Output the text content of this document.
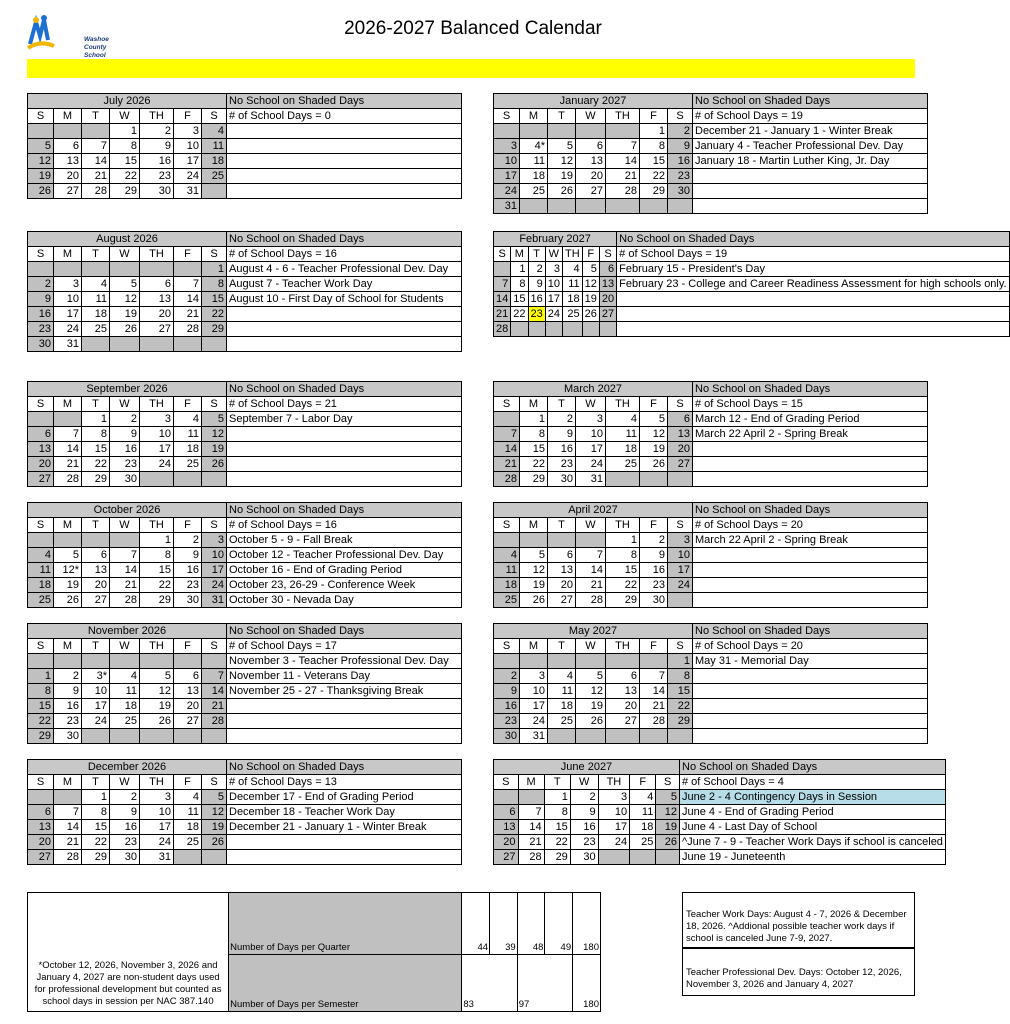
Washoe County
School
2026-2027 Balanced Calendar
July 2026							No School on Shaded Days
S	M	T	W	TH	F	S	# of School Days = 0
			1	2	3	4	
5	6	7	8	9	10	11	
12	13	14	15	16	17	18	
19	20	21	22	23	24	25	
26	27	28	29	30	31		
August 2026							No School on Shaded Days
S	M	T	W	TH	F	S	# of School Days = 16
						1	August 4 - 6 - Teacher Professional Dev. Day
2	3	4	5	6	7	8	August 7 - Teacher Work Day
9	10	11	12	13	14	15	August 10 - First Day of School for Students
16	17	18	19	20	21	22	
23	24	25	26	27	28	29	
30	31						
September 2026							No School on Shaded Days
S	M	T	W	TH	F	S	# of School Days = 21
		1	2	3	4	5	September 7 - Labor Day
6	7	8	9	10	11	12	
13	14	15	16	17	18	19	
20	21	22	23	24	25	26	
27	28	29	30				
October 2026							No School on Shaded Days
S	M	T	W	TH	F	S	# of School Days = 16
				1	2	3	October 5 - 9 - Fall Break
4	5	6	7	8	9	10	October 12 - Teacher Professional Dev. Day
11	12*	13	14	15	16	17	October 16 - End of Grading Period
18	19	20	21	22	23	24	October 23, 26-29 - Conference Week
25	26	27	28	29	30	31	October 30 - Nevada Day
November 2026							No School on Shaded Days
S	M	T	W	TH	F	S	# of School Days = 17
							November 3 - Teacher Professional Dev. Day
1	2	3*	4	5	6	7	November 11 - Veterans Day
8	9	10	11	12	13	14	November 25 - 27 - Thanksgiving Break
15	16	17	18	19	20	21	
22	23	24	25	26	27	28	
29	30						
December 2026							No School on Shaded Days
S	M	T	W	TH	F	S	# of School Days = 13
		1	2	3	4	5	December 17 - End of Grading Period
6	7	8	9	10	11	12	December 18 - Teacher Work Day
13	14	15	16	17	18	19	December 21 - January 1 - Winter Break
20	21	22	23	24	25	26	
27	28	29	30	31			
January 2027							No School on Shaded Days
S	M	T	W	TH	F	S	# of School Days = 19
					1	2	December 21 - January 1 - Winter Break
3	4*	5	6	7	8	9	January 4 - Teacher Professional Dev. Day
10	11	12	13	14	15	16	January 18 - Martin Luther King, Jr. Day
17	18	19	20	21	22	23	
24	25	26	27	28	29	30	
31							
February 2027							No School on Shaded Days
S	M	T	W	TH	F	S	# of School Days = 19
	1	2	3	4	5	6	February 15 - President's Day
7	8	9	10	11	12	13	February 23 - College and Career Readiness Assessment for high schools only.
14	15	16	17	18	19	20	
21	22	23	24	25	26	27	
28							
March 2027							No School on Shaded Days
S	M	T	W	TH	F	S	# of School Days = 15
	1	2	3	4	5	6	March 12 - End of Grading Period
7	8	9	10	11	12	13	March 22 April 2 - Spring Break
14	15	16	17	18	19	20	
21	22	23	24	25	26	27	
28	29	30	31				
April 2027							No School on Shaded Days
S	M	T	W	TH	F	S	# of School Days = 20
				1	2	3	March 22 April 2 - Spring Break
4	5	6	7	8	9	10	
11	12	13	14	15	16	17	
18	19	20	21	22	23	24	
25	26	27	28	29	30		
May 2027							No School on Shaded Days
S	M	T	W	TH	F	S	# of School Days = 20
						1	May 31 - Memorial Day
2	3	4	5	6	7	8	
9	10	11	12	13	14	15	
16	17	18	19	20	21	22	
23	24	25	26	27	28	29	
30	31						
June 2027							No School on Shaded Days
S	M	T	W	TH	F	S	# of School Days = 4
		1	2	3	4	5	June 2 - 4 Contingency Days in Session
6	7	8	9	10	11	12	June 4 - End of Grading Period
13	14	15	16	17	18	19	June 4 - Last Day of School
20	21	22	23	24	25	26	^June 7 - 9 - Teacher Work Days if school is canceled
27	28	29	30				June 19 - Juneteenth
*October 12, 2026, November 3, 2026 and January 4, 2027 are non-student days used for professional development but counted as school days in session per NAC 387.140	Number of Days per Quarter	44	39	48	49	180
	Number of Days per Semester	83		97		180
Teacher Work Days: August 4 - 7, 2026 & December 18, 2026. ^Addional possible teacher work days if school is canceled June 7-9, 2027.
Teacher Professional Dev. Days: October 12, 2026, November 3, 2026 and January 4, 2027
